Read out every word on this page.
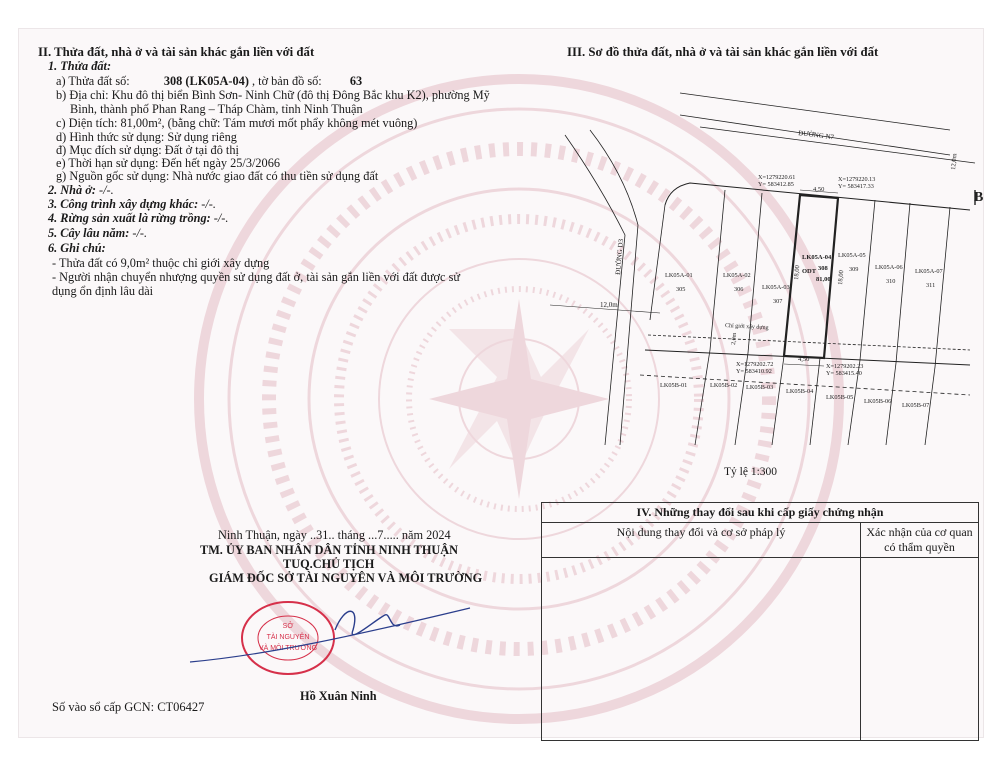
II. Thửa đất, nhà ở và tài sản khác gắn liền với đất
1. Thửa đất:
a) Thửa đất số:	308 (LK05A-04) , tờ bản đồ số: 63
b) Địa chỉ: Khu đô thị biển Bình Sơn- Ninh Chữ (đô thị Đông Bắc khu K2), phường Mỹ
Bình, thành phố Phan Rang – Tháp Chàm, tỉnh Ninh Thuận
c) Diện tích: 81,00m², (bằng chữ: Tám mươi mốt phẩy không mét vuông)
d) Hình thức sử dụng: Sử dụng riêng
đ) Mục đích sử dụng: Đất ở tại đô thị
e) Thời hạn sử dụng: Đến hết ngày 25/3/2066
g) Nguồn gốc sử dụng: Nhà nước giao đất có thu tiền sử dụng đất
2. Nhà ở: -/-.
3. Công trình xây dựng khác: -/-.
4. Rừng sản xuất là rừng trồng: -/-.
5. Cây lâu năm: -/-.
6. Ghi chú:
- Thửa đất có 9,0m² thuộc chỉ giới xây dựng
- Người nhận chuyển nhượng quyền sử dụng đất ở, tài sản gắn liền với đất được sử
dụng ổn định lâu dài
III. Sơ đồ thửa đất, nhà ở và tài sản khác gắn liền với đất
ĐƯỜNG N7
ĐƯỜNG D3
12,0m
12,0m
B
Chỉ giới xây dựng
2,0m
X=1279220.61
Y= 583412.85
X=1279220.13
Y= 583417.33
X=1279202.72
Y= 583410.92
X=1279202.23
Y= 583415.40
4,50
4,50
18,00	18,00
LK05A-04
ODT 308
81,00
LK05A-01
305
LK05A-02
306	LK05A-03
307
LK05A-05
309	LK05A-06
310
LK05A-07
311
LK05B-01	LK05B-02 LK05B-03
LK05B-04
LK05B-05
LK05B-06
LK05B-07
Tỷ lệ 1:300
Ninh Thuận, ngày ..31.. tháng ...7..... năm 2024
TM. ỦY BAN NHÂN DÂN TỈNH NINH THUẬN
TUQ.CHỦ TỊCH
GIÁM ĐỐC SỞ TÀI NGUYÊN VÀ MÔI TRƯỜNG
SỞ
TÀI NGUYÊN
VÀ MÔI TRƯỜNG
Hồ Xuân Ninh
Số vào sổ cấp GCN: CT06427
IV. Những thay đổi sau khi cấp giấy chứng nhận	
Nội dung thay đổi và cơ sở pháp lý	Xác nhận của cơ quan
có thẩm quyền
